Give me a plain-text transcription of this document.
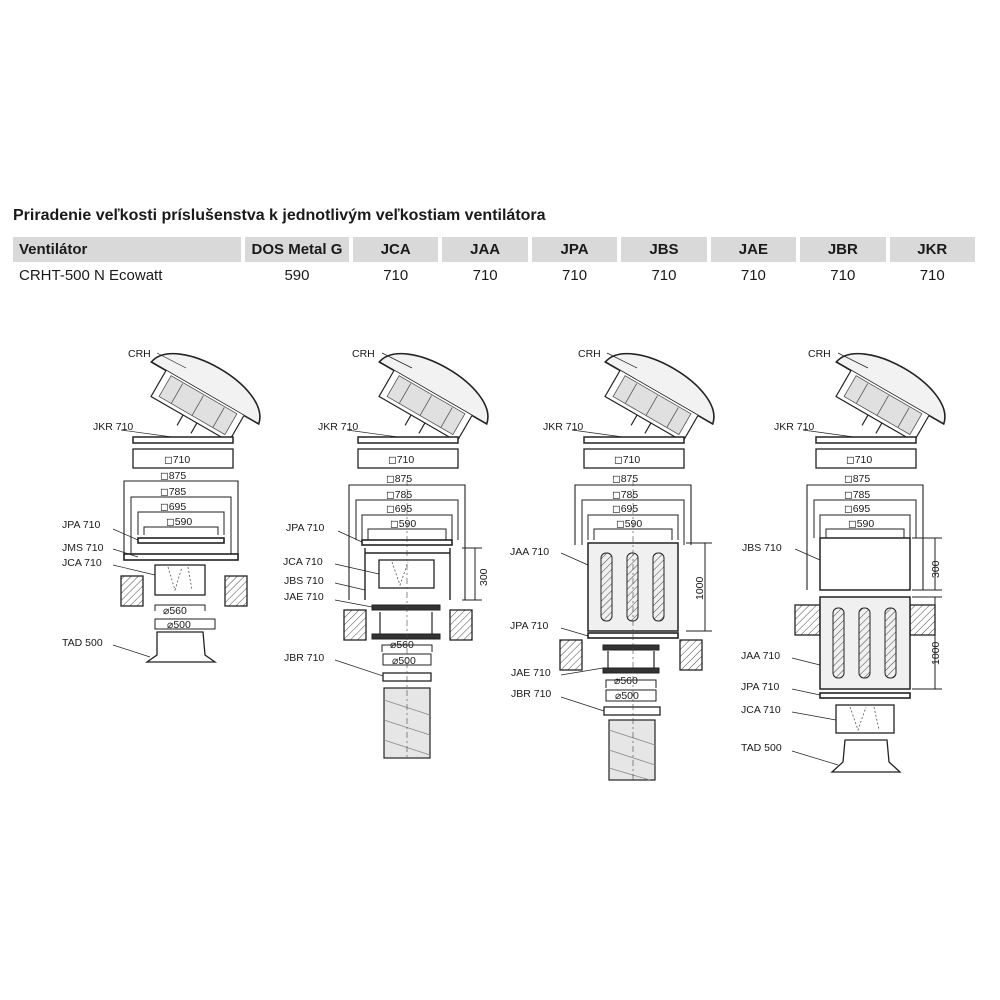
Priradenie veľkosti príslušenstva k jednotlivým veľkostiam ventilátora
Ventilátor	DOS Metal G	JCA	JAA	JPA	JBS	JAE	JBR	JKR
CRHT-500 N Ecowatt	590	710	710	710	710	710	710	710
CRH
JKR 710
◻710
◻875
◻785
◻695
◻590
JPA 710
JMS 710
JCA 710
⌀560
⌀500
TAD 500
CRH
JKR 710
◻710
◻875
◻785
◻695
◻590
JPA 710
JCA 710
JBS 710	300
JAE 710
⌀560
⌀500
JBR 710
CRH
JKR 710
◻710
◻875
◻785
◻695
◻590
JAA 710
1000
JPA 710
JAE 710
⌀560
⌀500
JBR 710
CRH
JKR 710
◻710
◻875
◻785
◻695
◻590
JBS 710
300
JAA 710	1000
JPA 710
JCA 710
TAD 500
